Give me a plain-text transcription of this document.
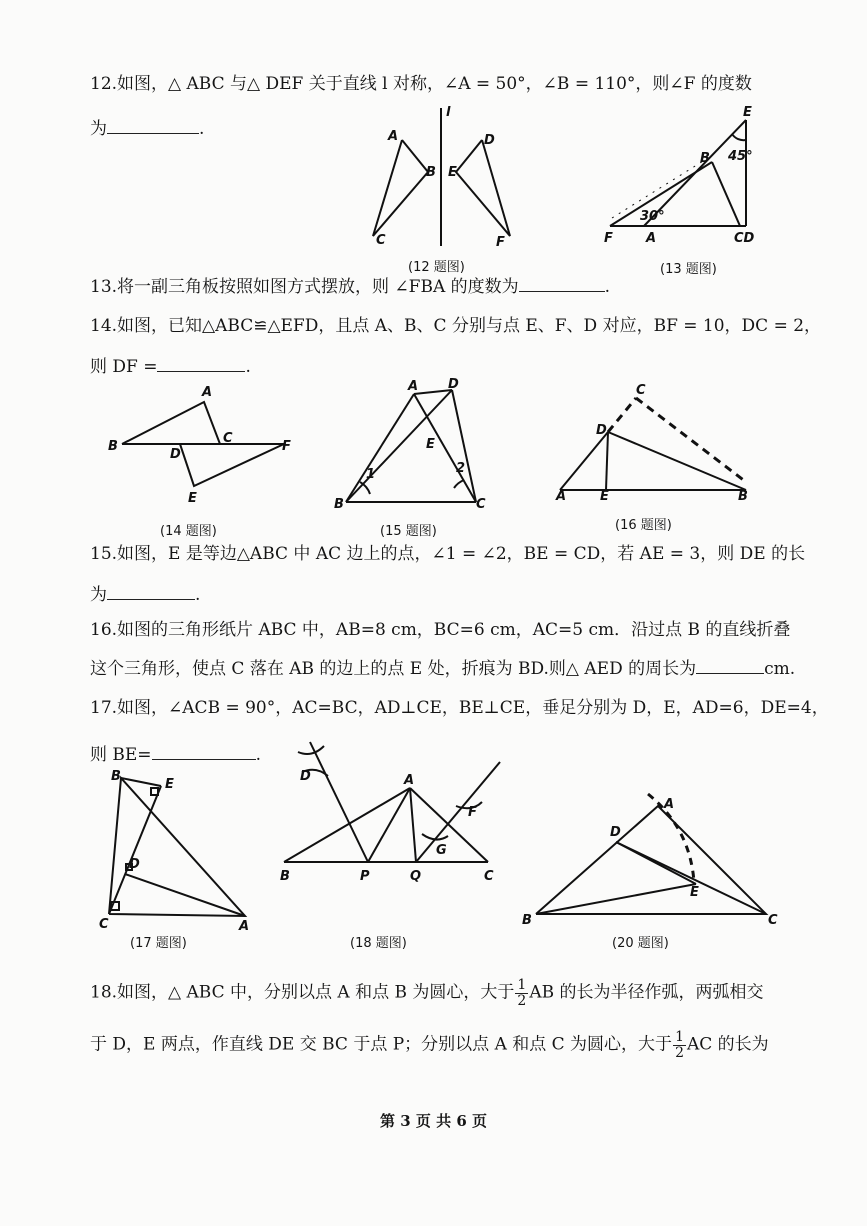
12.如图，△ ABC 与△ DEF 关于直线 l 对称，∠A = 50°，∠B = 110°，则∠F 的度数
为	.	A
B
C
l
E
D
F
(12 题图)
E
B
F	A	CD
45°
30°
(13 题图)
13.将一副三角板按照如图方式摆放，则 ∠FBA 的度数为	.
14.如图，已知△ABC≌△EFD，且点 A、B、C 分别与点 E、F、D 对应，BF = 10，DC = 2，
则 DF =	.
A
B
C
D
E
F
(14 题图)
A D
E
B	C
1	2
(15 题图)
C
D
A	E	B
(16 题图)
15.如图，E 是等边△ABC 中 AC 边上的点，∠1 = ∠2，BE = CD，若 AE = 3，则 DE 的长
为	.
16.如图的三角形纸片 ABC 中，AB=8 cm，BC=6 cm，AC=5 cm．沿过点 B 的直线折叠
这个三角形，使点 C 落在 AB 的边上的点 E 处，折痕为 BD.则△ AED 的周长为	cm.
17.如图，∠ACB = 90°，AC=BC，AD⊥CE，BE⊥CE，垂足分别为 D，E，AD=6，DE=4，
则 BE=	.
B
E
D
C	A
(17 题图)
D	A
F
G
B	P	Q	C
(18 题图)
A
D
E
B	C
(20 题图)
18.如图，△ ABC 中，分别以点 A 和点 B 为圆心，大于 $\frac{1}{2}$ AB 的长为半径作弧，两弧相交
于 D，E 两点，作直线 DE 交 BC 于点 P；分别以点 A 和点 C 为圆心，大于 $\frac{1}{2}$ AC 的长为
第 3 页 共 6 页
